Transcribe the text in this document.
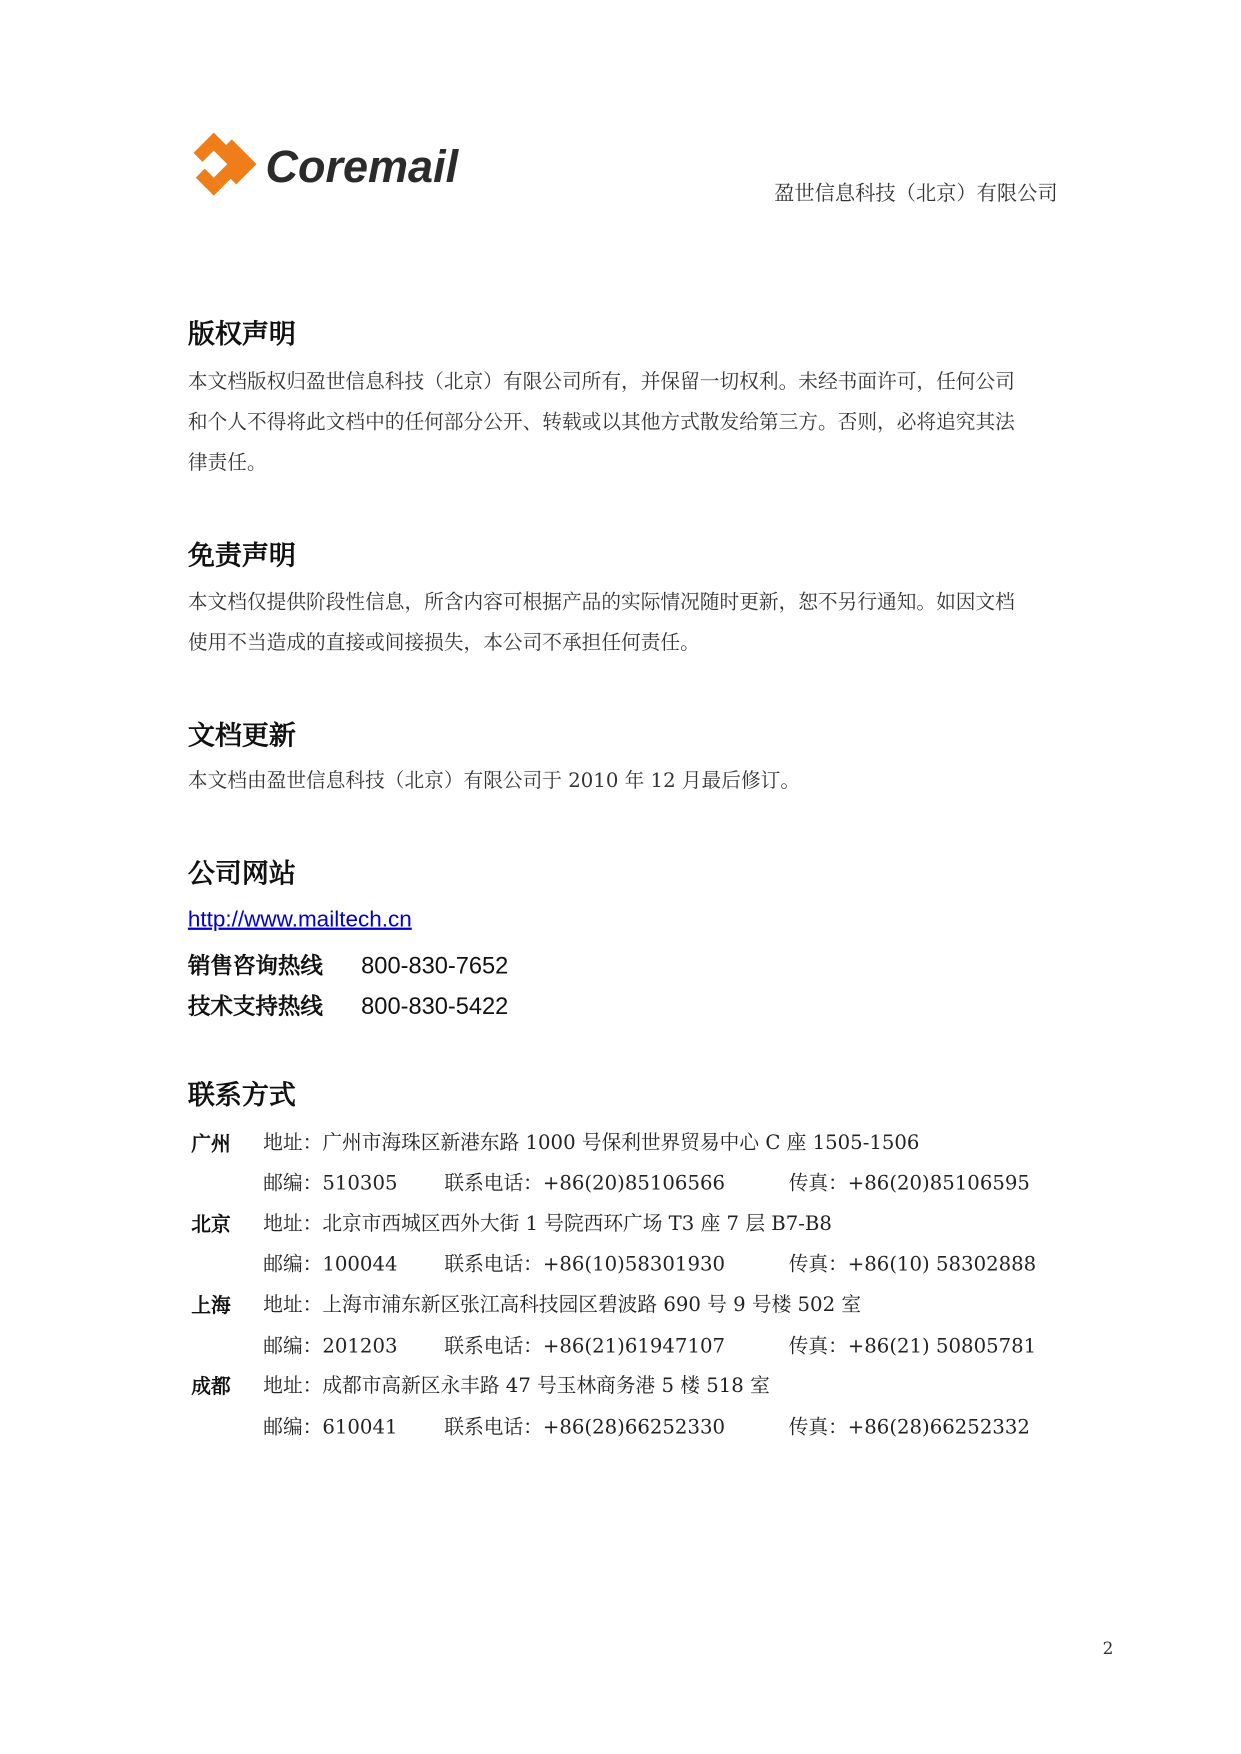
Coremail
盈世信息科技（北京）有限公司
版权声明

本文档版权归盈世信息科技（北京）有限公司所有，并保留一切权利。未经书面许可，任何公司

和个人不得将此文档中的任何部分公开、转载或以其他方式散发给第三方。否则，必将追究其法

律责任。

免责声明

本文档仅提供阶段性信息，所含内容可根据产品的实际情况随时更新，恕不另行通知。如因文档

使用不当造成的直接或间接损失，本公司不承担任何责任。

文档更新

本文档由盈世信息科技（北京）有限公司于 2010 年 12 月最后修订。

公司网站
http://www.mailtech.cn
销售咨询热线 800-830-7652
技术支持热线 800-830-5422
联系方式
广州 地址：广州市海珠区新港东路 1000 号保利世界贸易中心 C 座 1505-1506
邮编：510305	联系电话：+86(20)85106566	传真：+86(20)85106595
北京 地址：北京市西城区西外大街 1 号院西环广场 T3 座 7 层 B7-B8
邮编：100044	联系电话：+86(10)58301930	传真：+86(10) 58302888
上海 地址：上海市浦东新区张江高科技园区碧波路 690 号 9 号楼 502 室
邮编：201203	联系电话：+86(21)61947107	传真：+86(21) 50805781
成都 地址：成都市高新区永丰路 47 号玉林商务港 5 楼 518 室
邮编：610041	联系电话：+86(28)66252330	传真：+86(28)66252332
2
